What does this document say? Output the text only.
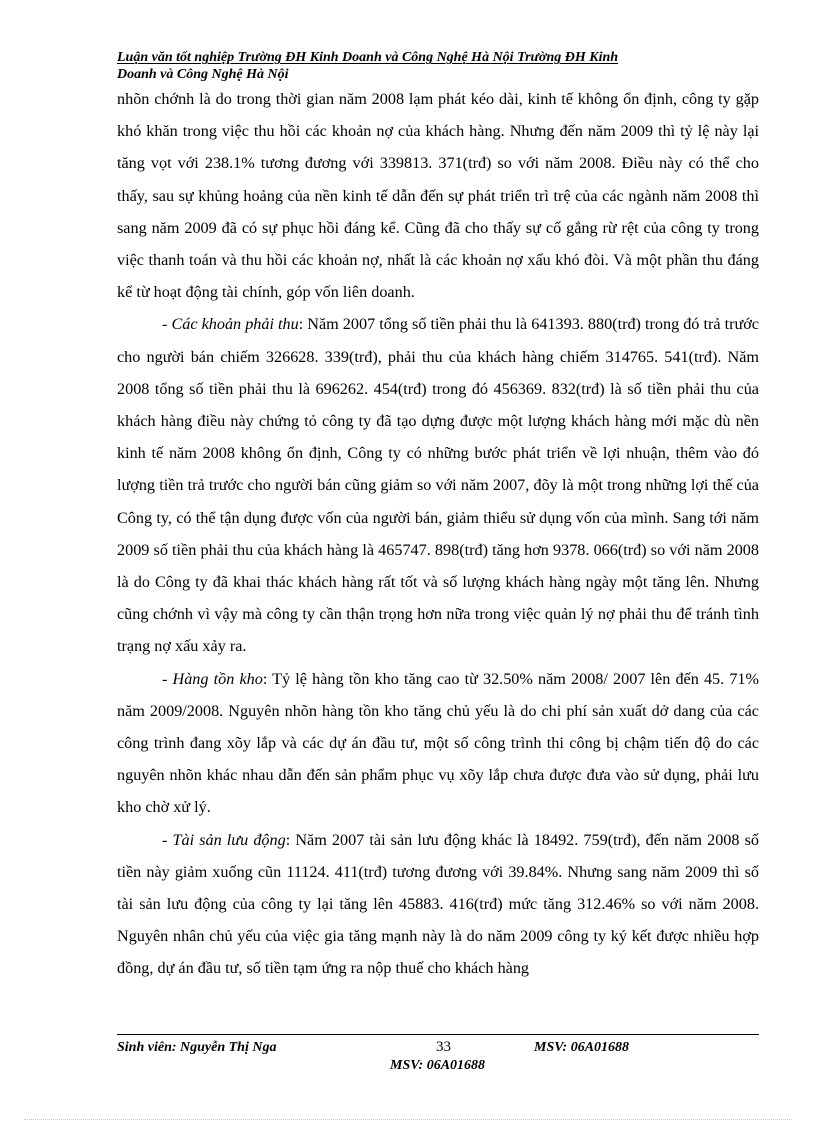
Luận văn tốt nghiệp Trường ĐH Kinh Doanh và Công Nghệ Hà Nội Trường ĐH Kinh
Doanh và Công Nghệ Hà Nội

nhõn chớnh là do trong thời gian năm 2008 lạm phát kéo dài, kinh tế không ổn định, công ty gặp khó khăn trong việc thu hồi các khoản nợ của khách hàng. Nhưng đến năm 2009 thì tỷ lệ này lại tăng vọt với 238.1% tương đương với 339813. 371(trđ) so với năm 2008. Điều này có thể cho thấy, sau sự khủng hoảng của nền kinh tế dẫn đến sự phát triển trì trệ của các ngành năm 2008 thì sang năm 2009 đã có sự phục hồi đáng kể. Cũng đã cho thấy sự cố gắng rừ rệt của công ty trong việc thanh toán và thu hồi các khoản nợ, nhất là các khoản nợ xấu khó đòi. Và một phần thu đáng kể từ hoạt động tài chính, góp vốn liên doanh.

- Các khoản phải thu: Năm 2007 tổng số tiền phải thu là 641393. 880(trđ) trong đó trả trước cho người bán chiếm 326628. 339(trđ), phải thu của khách hàng chiếm 314765. 541(trđ). Năm 2008 tổng số tiền phải thu là 696262. 454(trđ) trong đó 456369. 832(trđ) là số tiền phải thu của khách hàng điều này chứng tỏ công ty đã tạo dựng được một lượng khách hàng mới mặc dù nền kinh tế năm 2008 không ổn định, Công ty có những bước phát triển về lợi nhuận, thêm vào đó lượng tiền trả trước cho người bán cũng giảm so với năm 2007, đõy là một trong những lợi thế của Công ty, có thể tận dụng được vốn của người bán, giảm thiểu sử dụng vốn của mình. Sang tới năm 2009 số tiền phải thu của khách hàng là 465747. 898(trđ) tăng hơn 9378. 066(trđ) so với năm 2008 là do Công ty đã khai thác khách hàng rất tốt và số lượng khách hàng ngày một tăng lên. Nhưng cũng chớnh vì vậy mà công ty cần thận trọng hơn nữa trong việc quản lý nợ phải thu để tránh tình trạng nợ xấu xảy ra.

- Hàng tồn kho: Tỷ lệ hàng tồn kho tăng cao từ 32.50% năm 2008/ 2007 lên đến 45. 71% năm 2009/2008. Nguyên nhõn hàng tồn kho tăng chủ yếu là do chi phí sản xuất dở dang của các công trình đang xõy lắp và các dự án đầu tư, một số công trình thi công bị chậm tiến độ do các nguyên nhõn khác nhau dẫn đến sản phẩm phục vụ xõy lắp chưa được đưa vào sử dụng, phải lưu kho chờ xử lý.

- Tài sản lưu động: Năm 2007 tài sản lưu động khác là 18492. 759(trđ), đến năm 2008 số tiền này giảm xuống cũn 11124. 411(trđ) tương đương với 39.84%. Nhưng sang năm 2009 thì số tài sản lưu động của công ty lại tăng lên 45883. 416(trđ) mức tăng 312.46% so với năm 2008. Nguyên nhân chủ yếu của việc gia tăng mạnh này là do năm 2009 công ty ký kết được nhiều hợp đồng, dự án đầu tư, số tiền tạm ứng ra nộp thuế cho khách hàng

Sinh viên: Nguyễn Thị Nga	33	MSV: 06A01688
MSV: 06A01688
